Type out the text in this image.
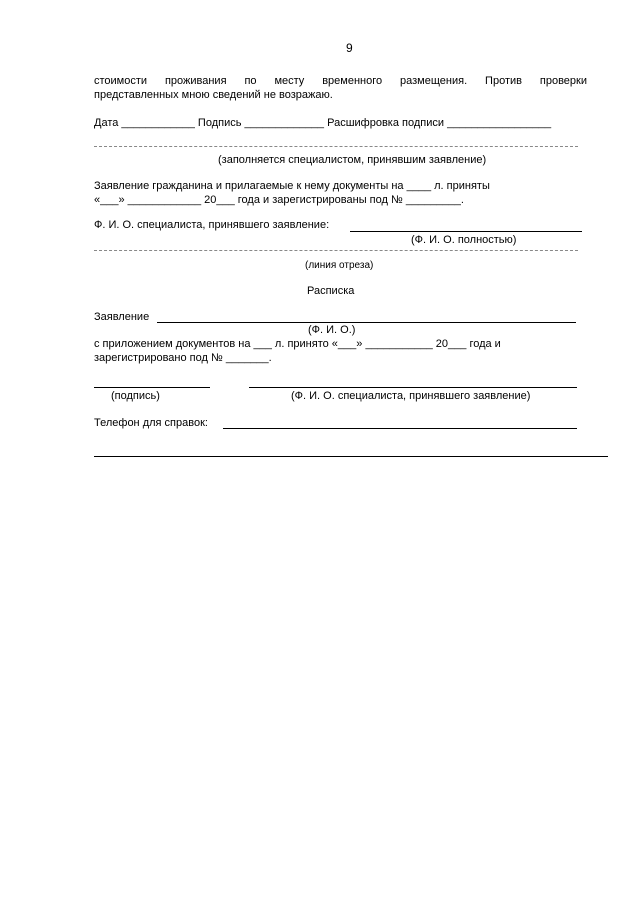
9
стоимости проживания по месту временного размещения. Против проверки
представленных мною сведений не возражаю.
Дата ____________ Подпись _____________ Расшифровка подписи _________________
(заполняется специалистом, принявшим заявление)
Заявление гражданина и прилагаемые к нему документы на ____ л. приняты
«___» ____________ 20___ года и зарегистрированы под № _________.
Ф. И. О. специалиста, принявшего заявление:
(Ф. И. О. полностью)
(линия отреза)
Расписка
Заявление
(Ф. И. О.)
с приложением документов на ___ л. принято «___» ___________ 20___ года и
зарегистрировано под № _______.
(подпись)	(Ф. И. О. специалиста, принявшего заявление)
Телефон для справок:
